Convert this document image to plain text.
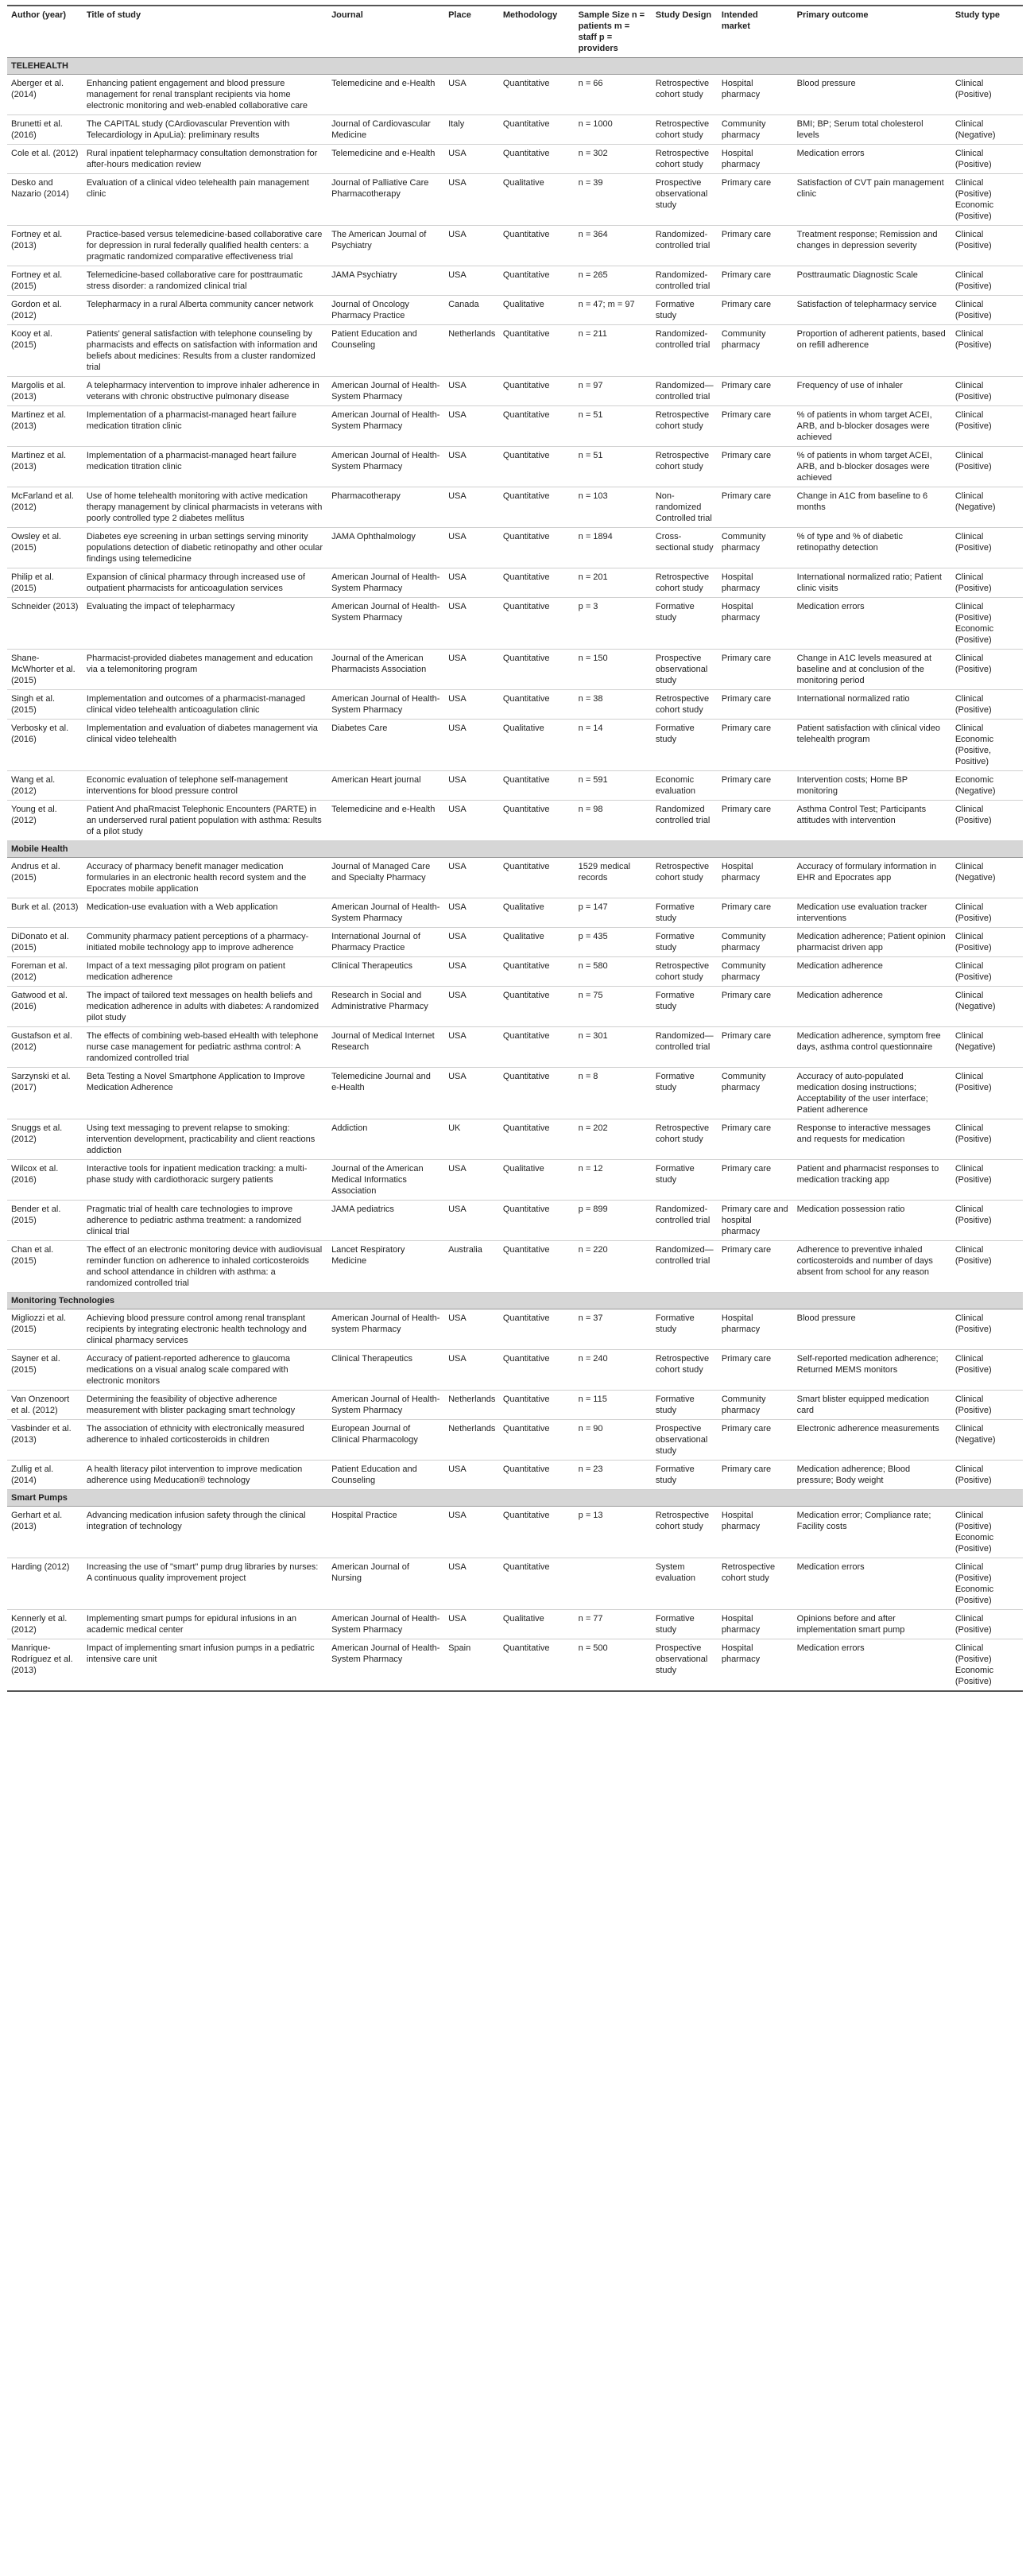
Author (year)	Title of study	Journal	Place	Methodology	Sample Size n = patients m = staff p = providers	Study Design	Intended market	Primary outcome	Study type
TELEHEALTH									
Aberger et al. (2014)	Enhancing patient engagement and blood pressure management for renal transplant recipients via home electronic monitoring and web-enabled collaborative care	Telemedicine and e-Health	USA	Quantitative	n = 66	Retrospective cohort study	Hospital pharmacy	Blood pressure	Clinical (Positive)
Brunetti et al. (2016)	The CAPITAL study (CArdiovascular Prevention with Telecardiology in ApuLia): preliminary results	Journal of Cardiovascular Medicine	Italy	Quantitative	n = 1000	Retrospective cohort study	Community pharmacy	BMI; BP; Serum total cholesterol levels	Clinical (Negative)
Cole et al. (2012)	Rural inpatient telepharmacy consultation demonstration for after-hours medication review	Telemedicine and e-Health	USA	Quantitative	n = 302	Retrospective cohort study	Hospital pharmacy	Medication errors	Clinical (Positive)
Desko and Nazario (2014)	Evaluation of a clinical video telehealth pain management clinic	Journal of Palliative Care Pharmacotherapy	USA	Qualitative	n = 39	Prospective observational study	Primary care	Satisfaction of CVT pain management clinic	Clinical (Positive) Economic (Positive)
Fortney et al. (2013)	Practice-based versus telemedicine-based collaborative care for depression in rural federally qualified health centers: a pragmatic randomized comparative effectiveness trial	The American Journal of Psychiatry	USA	Quantitative	n = 364	Randomized-controlled trial	Primary care	Treatment response; Remission and changes in depression severity	Clinical (Positive)
Fortney et al. (2015)	Telemedicine-based collaborative care for posttraumatic stress disorder: a randomized clinical trial	JAMA Psychiatry	USA	Quantitative	n = 265	Randomized-controlled trial	Primary care	Posttraumatic Diagnostic Scale	Clinical (Positive)
Gordon et al. (2012)	Telepharmacy in a rural Alberta community cancer network	Journal of Oncology Pharmacy Practice	Canada	Qualitative	n = 47; m = 97	Formative study	Primary care	Satisfaction of telepharmacy service	Clinical (Positive)
Kooy et al. (2015)	Patients' general satisfaction with telephone counseling by pharmacists and effects on satisfaction with information and beliefs about medicines: Results from a cluster randomized trial	Patient Education and Counseling	Netherlands	Quantitative	n = 211	Randomized-controlled trial	Community pharmacy	Proportion of adherent patients, based on refill adherence	Clinical (Positive)
Margolis et al. (2013)	A telepharmacy intervention to improve inhaler adherence in veterans with chronic obstructive pulmonary disease	American Journal of Health-System Pharmacy	USA	Quantitative	n = 97	Randomized—controlled trial	Primary care	Frequency of use of inhaler	Clinical (Positive)
Martinez et al. (2013)	Implementation of a pharmacist-managed heart failure medication titration clinic	American Journal of Health-System Pharmacy	USA	Quantitative	n = 51	Retrospective cohort study	Primary care	% of patients in whom target ACEI, ARB, and b-blocker dosages were achieved	Clinical (Positive)
Martinez et al. (2013)	Implementation of a pharmacist-managed heart failure medication titration clinic	American Journal of Health-System Pharmacy	USA	Quantitative	n = 51	Retrospective cohort study	Primary care	% of patients in whom target ACEI, ARB, and b-blocker dosages were achieved	Clinical (Positive)
McFarland et al. (2012)	Use of home telehealth monitoring with active medication therapy management by clinical pharmacists in veterans with poorly controlled type 2 diabetes mellitus	Pharmacotherapy	USA	Quantitative	n = 103	Non-randomized Controlled trial	Primary care	Change in A1C from baseline to 6 months	Clinical (Negative)
Owsley et al. (2015)	Diabetes eye screening in urban settings serving minority populations detection of diabetic retinopathy and other ocular findings using telemedicine	JAMA Ophthalmology	USA	Quantitative	n = 1894	Cross-sectional study	Community pharmacy	% of type and % of diabetic retinopathy detection	Clinical (Positive)
Philip et al. (2015)	Expansion of clinical pharmacy through increased use of outpatient pharmacists for anticoagulation services	American Journal of Health-System Pharmacy	USA	Quantitative	n = 201	Retrospective cohort study	Hospital pharmacy	International normalized ratio; Patient clinic visits	Clinical (Positive)
Schneider (2013)	Evaluating the impact of telepharmacy	American Journal of Health-System Pharmacy	USA	Quantitative	p = 3	Formative study	Hospital pharmacy	Medication errors	Clinical (Positive) Economic (Positive)
Shane-McWhorter et al. (2015)	Pharmacist-provided diabetes management and education via a telemonitoring program	Journal of the American Pharmacists Association	USA	Quantitative	n = 150	Prospective observational study	Primary care	Change in A1C levels measured at baseline and at conclusion of the monitoring period	Clinical (Positive)
Singh et al. (2015)	Implementation and outcomes of a pharmacist-managed clinical video telehealth anticoagulation clinic	American Journal of Health-System Pharmacy	USA	Quantitative	n = 38	Retrospective cohort study	Primary care	International normalized ratio	Clinical (Positive)
Verbosky et al. (2016)	Implementation and evaluation of diabetes management via clinical video telehealth	Diabetes Care	USA	Qualitative	n = 14	Formative study	Primary care	Patient satisfaction with clinical video telehealth program	Clinical Economic (Positive, Positive)
Wang et al. (2012)	Economic evaluation of telephone self-management interventions for blood pressure control	American Heart journal	USA	Quantitative	n = 591	Economic evaluation	Primary care	Intervention costs; Home BP monitoring	Economic (Negative)
Young et al. (2012)	Patient And phaRmacist Telephonic Encounters (PARTE) in an underserved rural patient population with asthma: Results of a pilot study	Telemedicine and e-Health	USA	Quantitative	n = 98	Randomized controlled trial	Primary care	Asthma Control Test; Participants attitudes with intervention	Clinical (Positive)
Mobile Health									
Andrus et al. (2015)	Accuracy of pharmacy benefit manager medication formularies in an electronic health record system and the Epocrates mobile application	Journal of Managed Care and Specialty Pharmacy	USA	Quantitative	1529 medical records	Retrospective cohort study	Hospital pharmacy	Accuracy of formulary information in EHR and Epocrates app	Clinical (Negative)
Burk et al. (2013)	Medication-use evaluation with a Web application	American Journal of Health-System Pharmacy	USA	Qualitative	p = 147	Formative study	Primary care	Medication use evaluation tracker interventions	Clinical (Positive)
DiDonato et al. (2015)	Community pharmacy patient perceptions of a pharmacy-initiated mobile technology app to improve adherence	International Journal of Pharmacy Practice	USA	Qualitative	p = 435	Formative study	Community pharmacy	Medication adherence; Patient opinion pharmacist driven app	Clinical (Positive)
Foreman et al. (2012)	Impact of a text messaging pilot program on patient medication adherence	Clinical Therapeutics	USA	Quantitative	n = 580	Retrospective cohort study	Community pharmacy	Medication adherence	Clinical (Positive)
Gatwood et al. (2016)	The impact of tailored text messages on health beliefs and medication adherence in adults with diabetes: A randomized pilot study	Research in Social and Administrative Pharmacy	USA	Quantitative	n = 75	Formative study	Primary care	Medication adherence	Clinical (Negative)
Gustafson et al. (2012)	The effects of combining web-based eHealth with telephone nurse case management for pediatric asthma control: A randomized controlled trial	Journal of Medical Internet Research	USA	Quantitative	n = 301	Randomized—controlled trial	Primary care	Medication adherence, symptom free days, asthma control questionnaire	Clinical (Negative)
Sarzynski et al. (2017)	Beta Testing a Novel Smartphone Application to Improve Medication Adherence	Telemedicine Journal and e-Health	USA	Quantitative	n = 8	Formative study	Community pharmacy	Accuracy of auto-populated medication dosing instructions; Acceptability of the user interface; Patient adherence	Clinical (Positive)
Snuggs et al. (2012)	Using text messaging to prevent relapse to smoking: intervention development, practicability and client reactions addiction	Addiction	UK	Quantitative	n = 202	Retrospective cohort study	Primary care	Response to interactive messages and requests for medication	Clinical (Positive)
Wilcox et al. (2016)	Interactive tools for inpatient medication tracking: a multi-phase study with cardiothoracic surgery patients	Journal of the American Medical Informatics Association	USA	Qualitative	n = 12	Formative study	Primary care	Patient and pharmacist responses to medication tracking app	Clinical (Positive)
Bender et al. (2015)	Pragmatic trial of health care technologies to improve adherence to pediatric asthma treatment: a randomized clinical trial	JAMA pediatrics	USA	Quantitative	p = 899	Randomized-controlled trial	Primary care and hospital pharmacy	Medication possession ratio	Clinical (Positive)
Chan et al. (2015)	The effect of an electronic monitoring device with audiovisual reminder function on adherence to inhaled corticosteroids and school attendance in children with asthma: a randomized controlled trial	Lancet Respiratory Medicine	Australia	Quantitative	n = 220	Randomized—controlled trial	Primary care	Adherence to preventive inhaled corticosteroids and number of days absent from school for any reason	Clinical (Positive)
Monitoring Technologies									
Migliozzi et al. (2015)	Achieving blood pressure control among renal transplant recipients by integrating electronic health technology and clinical pharmacy services	American Journal of Health-system Pharmacy	USA	Quantitative	n = 37	Formative study	Hospital pharmacy	Blood pressure	Clinical (Positive)
Sayner et al. (2015)	Accuracy of patient-reported adherence to glaucoma medications on a visual analog scale compared with electronic monitors	Clinical Therapeutics	USA	Quantitative	n = 240	Retrospective cohort study	Primary care	Self-reported medication adherence; Returned MEMS monitors	Clinical (Positive)
Van Onzenoort et al. (2012)	Determining the feasibility of objective adherence measurement with blister packaging smart technology	American Journal of Health-System Pharmacy	Netherlands	Quantitative	n = 115	Formative study	Community pharmacy	Smart blister equipped medication card	Clinical (Positive)
Vasbinder et al. (2013)	The association of ethnicity with electronically measured adherence to inhaled corticosteroids in children	European Journal of Clinical Pharmacology	Netherlands	Quantitative	n = 90	Prospective observational study	Primary care	Electronic adherence measurements	Clinical (Negative)
Zullig et al. (2014)	A health literacy pilot intervention to improve medication adherence using Meducation® technology	Patient Education and Counseling	USA	Quantitative	n = 23	Formative study	Primary care	Medication adherence; Blood pressure; Body weight	Clinical (Positive)
Smart Pumps									
Gerhart et al. (2013)	Advancing medication infusion safety through the clinical integration of technology	Hospital Practice	USA	Quantitative	p = 13	Retrospective cohort study	Hospital pharmacy	Medication error; Compliance rate; Facility costs	Clinical (Positive) Economic (Positive)
Harding (2012)	Increasing the use of "smart" pump drug libraries by nurses: A continuous quality improvement project	American Journal of Nursing	USA	Quantitative		System evaluation	Retrospective cohort study	Medication errors	Clinical (Positive) Economic (Positive)
Kennerly et al. (2012)	Implementing smart pumps for epidural infusions in an academic medical center	American Journal of Health-System Pharmacy	USA	Qualitative	n = 77	Formative study	Hospital pharmacy	Opinions before and after implementation smart pump	Clinical (Positive)
Manrique-Rodríguez et al. (2013)	Impact of implementing smart infusion pumps in a pediatric intensive care unit	American Journal of Health-System Pharmacy	Spain	Quantitative	n = 500	Prospective observational study	Hospital pharmacy	Medication errors	Clinical (Positive) Economic (Positive)
